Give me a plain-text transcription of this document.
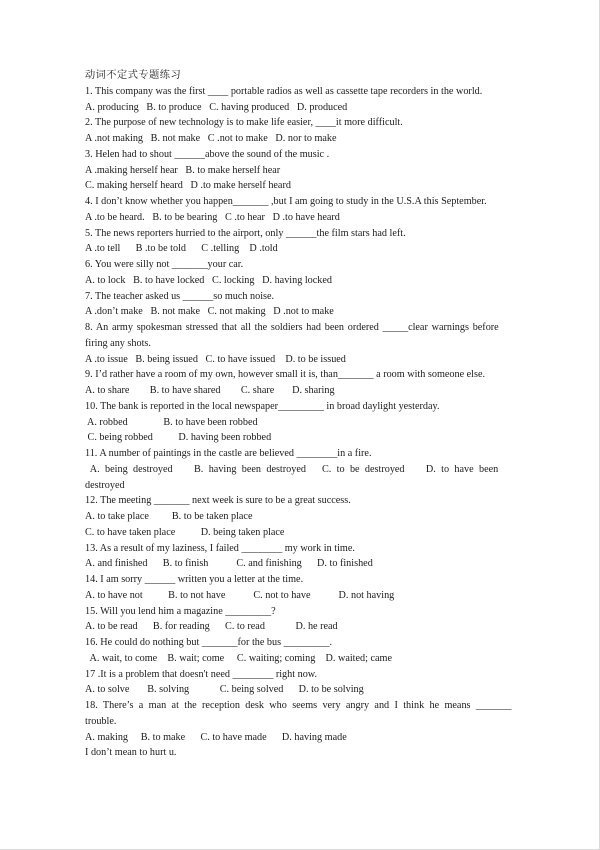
动词不定式专题练习

1. This company was the first ____ portable radios as well as cassette tape recorders in the world.

A. producing   B. to produce   C. having produced   D. produced

2. The purpose of new technology is to make life easier, ____it more difficult.

A .not making   B. not make   C .not to make   D. nor to make

3. Helen had to shout ______above the sound of the music .

A .making herself hear   B. to make herself hear

C. making herself heard   D .to make herself heard

4. I don’t know whether you happen_______ ,but I am going to study in the U.S.A this September.

A .to be heard.   B. to be bearing   C .to hear   D .to have heard

5. The news reporters hurried to the airport, only ______the film stars had left.

A .to tell      B .to be told      C .telling    D .told

6. You were silly not _______your car.

A. to lock   B. to have locked   C. locking   D. having locked

7. The teacher asked us ______so much noise.

A .don’t make   B. not make   C. not making   D .not to make

8. An army spokesman stressed that all the soldiers had been ordered _____clear warnings before

firing any shots.

A .to issue   B. being issued   C. to have issued    D. to be issued

9. I’d rather have a room of my own, however small it is, than_______ a room with someone else.

A. to share        B. to have shared        C. share       D. sharing

10. The bank is reported in the local newspaper_________ in broad daylight yesterday.

A. robbed              B. to have been robbed

C. being robbed          D. having been robbed

11. A number of paintings in the castle are believed ________in a fire.

A. being destroyed    B. having been destroyed   C. to be destroyed    D. to have been

destroyed

12. The meeting _______ next week is sure to be a great success.

A. to take place         B. to be taken place

C. to have taken place          D. being taken place

13. As a result of my laziness, I failed ________ my work in time.

A. and finished      B. to finish           C. and finishing      D. to finished

14. I am sorry ______ written you a letter at the time.

A. to have not          B. to not have           C. not to have           D. not having

15. Will you lend him a magazine _________?

A. to be read      B. for reading      C. to read            D. he read

16. He could do nothing but _______for the bus _________.

A. wait, to come    B. wait; come     C. waiting; coming    D. waited; came

17 .It is a problem that doesn't need ________ right now.

A. to solve       B. solving            C. being solved      D. to be solving

18. There’s a man at the reception desk who seems very angry and I think he means _______

trouble.

A. making     B. to make      C. to have made      D. having made

I don’t mean to hurt u.
